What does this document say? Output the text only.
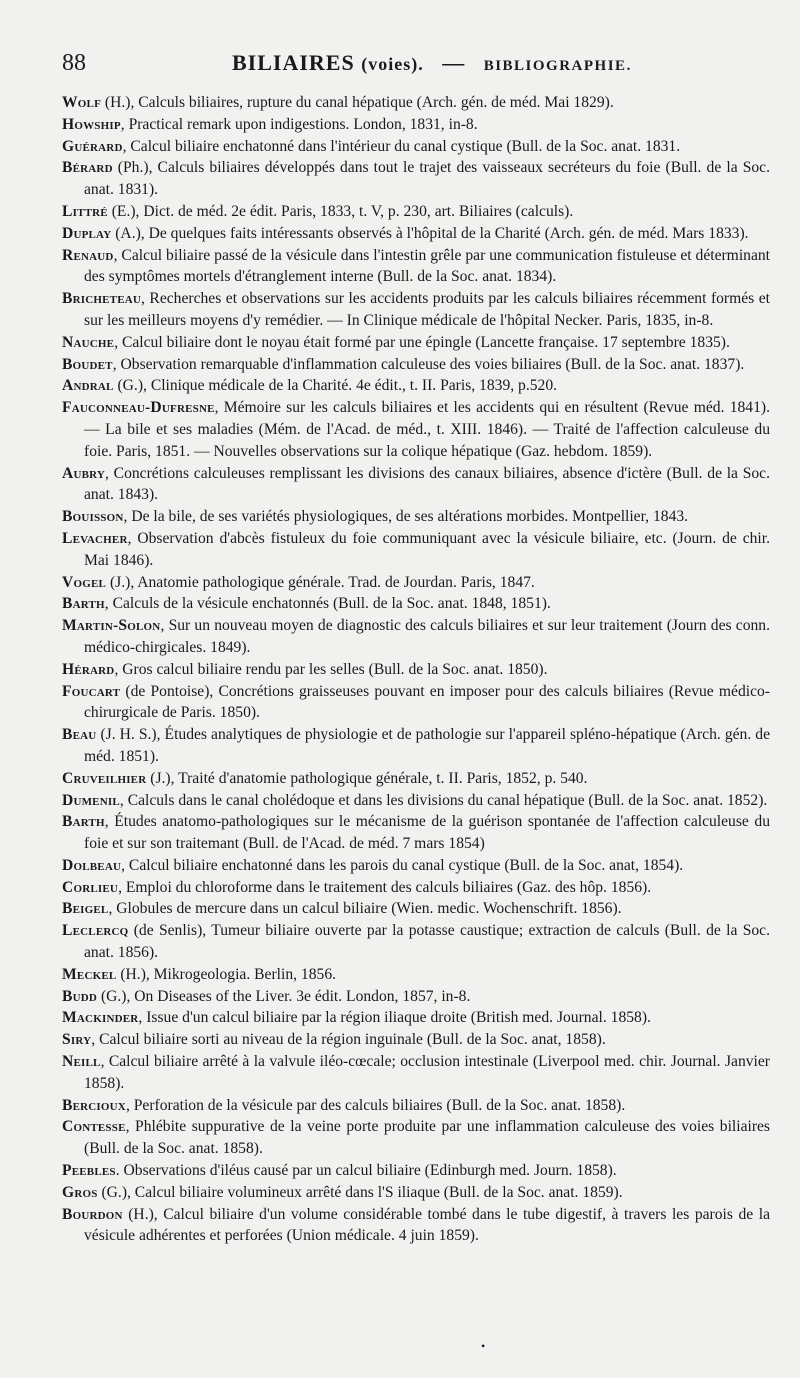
88	BILIAIRES (voies). — BIBLIOGRAPHIE.

Wolf (H.), Calculs biliaires, rupture du canal hépatique (Arch. gén. de méd. Mai 1829).

Howship, Practical remark upon indigestions. London, 1831, in-8.

Guérard, Calcul biliaire enchatonné dans l'intérieur du canal cystique (Bull. de la Soc. anat. 1831.

Bérard (Ph.), Calculs biliaires développés dans tout le trajet des vaisseaux secréteurs du foie (Bull. de la Soc. anat. 1831).

Littré (E.), Dict. de méd. 2e édit. Paris, 1833, t. V, p. 230, art. Biliaires (calculs).

Duplay (A.), De quelques faits intéressants observés à l'hôpital de la Charité (Arch. gén. de méd. Mars 1833).

Renaud, Calcul biliaire passé de la vésicule dans l'intestin grêle par une communication fistuleuse et déterminant des symptômes mortels d'étranglement interne (Bull. de la Soc. anat. 1834).

Bricheteau, Recherches et observations sur les accidents produits par les calculs biliaires récemment formés et sur les meilleurs moyens d'y remédier. — In Clinique médicale de l'hôpital Necker. Paris, 1835, in-8.

Nauche, Calcul biliaire dont le noyau était formé par une épingle (Lancette française. 17 septembre 1835).

Boudet, Observation remarquable d'inflammation calculeuse des voies biliaires (Bull. de la Soc. anat. 1837).

Andral (G.), Clinique médicale de la Charité. 4e édit., t. II. Paris, 1839, p.520.

Fauconneau-Dufresne, Mémoire sur les calculs biliaires et les accidents qui en résultent (Revue méd. 1841). — La bile et ses maladies (Mém. de l'Acad. de méd., t. XIII. 1846). — Traité de l'affection calculeuse du foie. Paris, 1851. — Nouvelles observations sur la colique hépatique (Gaz. hebdom. 1859).

Aubry, Concrétions calculeuses remplissant les divisions des canaux biliaires, absence d'ictère (Bull. de la Soc. anat. 1843).

Bouisson, De la bile, de ses variétés physiologiques, de ses altérations morbides. Montpellier, 1843.

Levacher, Observation d'abcès fistuleux du foie communiquant avec la vésicule biliaire, etc. (Journ. de chir. Mai 1846).

Vogel (J.), Anatomie pathologique générale. Trad. de Jourdan. Paris, 1847.

Barth, Calculs de la vésicule enchatonnés (Bull. de la Soc. anat. 1848, 1851).

Martin-Solon, Sur un nouveau moyen de diagnostic des calculs biliaires et sur leur traitement (Journ des conn. médico-chirgicales. 1849).

Hérard, Gros calcul biliaire rendu par les selles (Bull. de la Soc. anat. 1850).

Foucart (de Pontoise), Concrétions graisseuses pouvant en imposer pour des calculs biliaires (Revue médico-chirurgicale de Paris. 1850).

Beau (J. H. S.), Études analytiques de physiologie et de pathologie sur l'appareil spléno-hépatique (Arch. gén. de méd. 1851).

Cruveilhier (J.), Traité d'anatomie pathologique générale, t. II. Paris, 1852, p. 540.

Dumenil, Calculs dans le canal cholédoque et dans les divisions du canal hépatique (Bull. de la Soc. anat. 1852).

Barth, Études anatomo-pathologiques sur le mécanisme de la guérison spontanée de l'affection calculeuse du foie et sur son traitemant (Bull. de l'Acad. de méd. 7 mars 1854)

Dolbeau, Calcul biliaire enchatonné dans les parois du canal cystique (Bull. de la Soc. anat, 1854).

Corlieu, Emploi du chloroforme dans le traitement des calculs biliaires (Gaz. des hôp. 1856).

Beigel, Globules de mercure dans un calcul biliaire (Wien. medic. Wochenschrift. 1856).

Leclercq (de Senlis), Tumeur biliaire ouverte par la potasse caustique; extraction de calculs (Bull. de la Soc. anat. 1856).

Meckel (H.), Mikrogeologia. Berlin, 1856.

Budd (G.), On Diseases of the Liver. 3e édit. London, 1857, in-8.

Mackinder, Issue d'un calcul biliaire par la région iliaque droite (British med. Journal. 1858).

Siry, Calcul biliaire sorti au niveau de la région inguinale (Bull. de la Soc. anat, 1858).

Neill, Calcul biliaire arrêté à la valvule iléo-cœcale; occlusion intestinale (Liverpool med. chir. Journal. Janvier 1858).

Bercioux, Perforation de la vésicule par des calculs biliaires (Bull. de la Soc. anat. 1858).

Contesse, Phlébite suppurative de la veine porte produite par une inflammation calculeuse des voies biliaires (Bull. de la Soc. anat. 1858).

Peebles. Observations d'iléus causé par un calcul biliaire (Edinburgh med. Journ. 1858).

Gros (G.), Calcul biliaire volumineux arrêté dans l'S iliaque (Bull. de la Soc. anat. 1859).

Bourdon (H.), Calcul biliaire d'un volume considérable tombé dans le tube digestif, à travers les parois de la vésicule adhérentes et perforées (Union médicale. 4 juin 1859).

•
